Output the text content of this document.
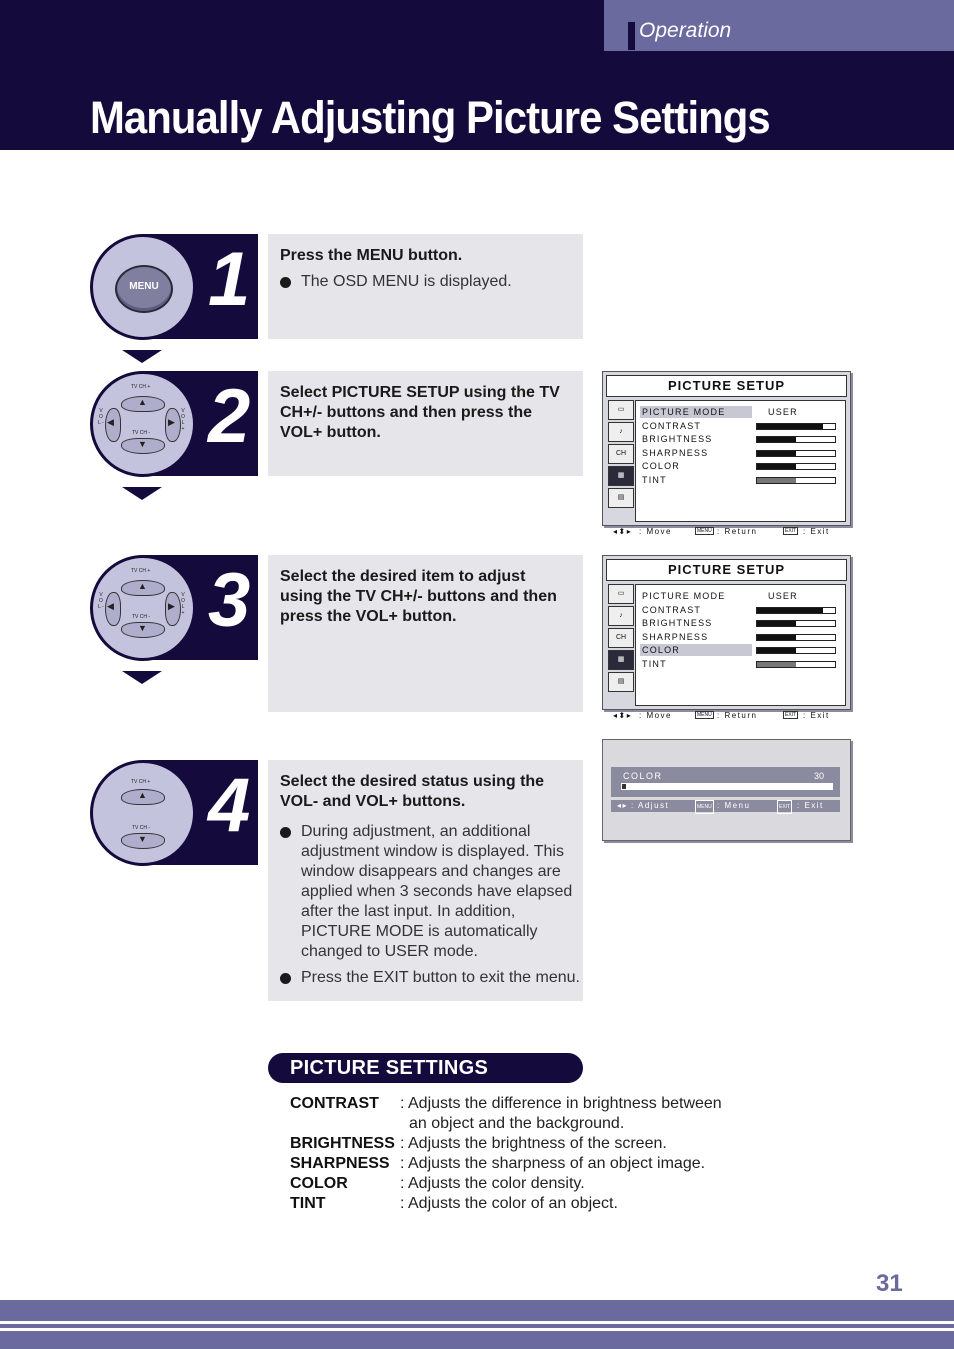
Operation
Manually Adjusting Picture Settings
MENU 1 Press the MENU button.

The OSD MENU is displayed.
TV CH +
▲
◀	▶
TV CH -
▼
V O L -
V O L + 2 Select PICTURE SETUP using the TV CH+/- buttons and then press the VOL+ button.

PICTURE SETUP
▭
♪
CH
▦
▤
PICTURE MODE	USER
CONTRAST
BRIGHTNESS
SHARPNESS
COLOR
TINT
◂⬍▸ : Move	MENU : Return	EXIT : Exit
TV CH +
▲
◀	▶
TV CH -
▼
V O L -
V O L + 3 Select the desired item to adjust using the TV CH+/- buttons and then press the VOL+ button.

PICTURE SETUP
▭
♪
CH
▦
▤
PICTURE MODE	USER
CONTRAST
BRIGHTNESS
SHARPNESS
COLOR
TINT
◂⬍▸ : Move	MENU : Return	EXIT : Exit
TV CH +
▲
TV CH -
▼ 4 Select the desired status using the VOL- and VOL+ buttons.

During adjustment, an additional adjustment window is displayed. This window disappears and changes are applied when 3 seconds have elapsed after the last input. In addition, PICTURE MODE is automatically changed to USER mode.
Press the EXIT button to exit the menu.
COLOR	30
◂▸ : Adjust	MENU : Menu	EXIT : Exit
PICTURE SETTINGS
CONTRAST : Adjusts the difference in brightness between
an object and the background.
BRIGHTNESS : Adjusts the brightness of the screen.
SHARPNESS : Adjusts the sharpness of an object image.
COLOR	: Adjusts the color density.
TINT	: Adjusts the color of an object.
31
